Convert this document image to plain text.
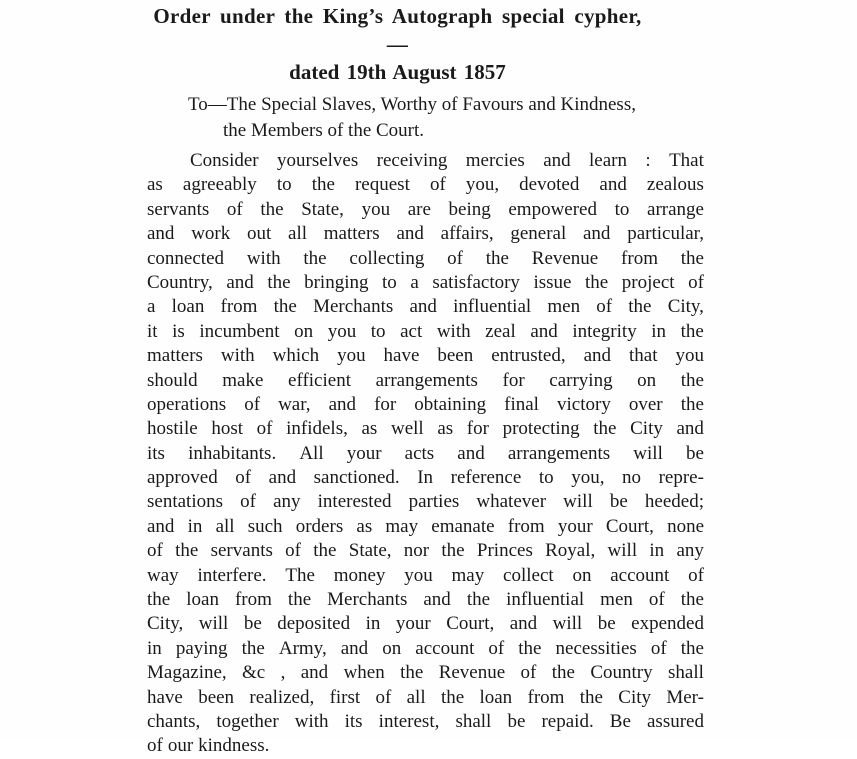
Order under the King’s Autograph special cypher,—
dated 19th August 1857
To—The Special Slaves, Worthy of Favours and Kindness,
the Members of the Court.
Consider yourselves receiving mercies and learn : That
as agreeably to the request of you, devoted and zealous
servants of the State, you are being empowered to arrange
and work out all matters and affairs, general and particular,
connected with the collecting of the Revenue from the
Country, and the bringing to a satisfactory issue the project of
a loan from the Merchants and influential men of the City,
it is incumbent on you to act with zeal and integrity in the
matters with which you have been entrusted, and that you
should make efficient arrangements for carrying on the
operations of war, and for obtaining final victory over the
hostile host of infidels, as well as for protecting the City and
its inhabitants. All your acts and arrangements will be
approved of and sanctioned. In reference to you, no repre-
sentations of any interested parties whatever will be heeded;
and in all such orders as may emanate from your Court, none
of the servants of the State, nor the Princes Royal, will in any
way interfere. The money you may collect on account of
the loan from the Merchants and the influential men of the
City, will be deposited in your Court, and will be expended
in paying the Army, and on account of the necessities of the
Magazine, &c , and when the Revenue of the Country shall
have been realized, first of all the loan from the City Mer-
chants, together with its interest, shall be repaid. Be assured
of our kindness.
